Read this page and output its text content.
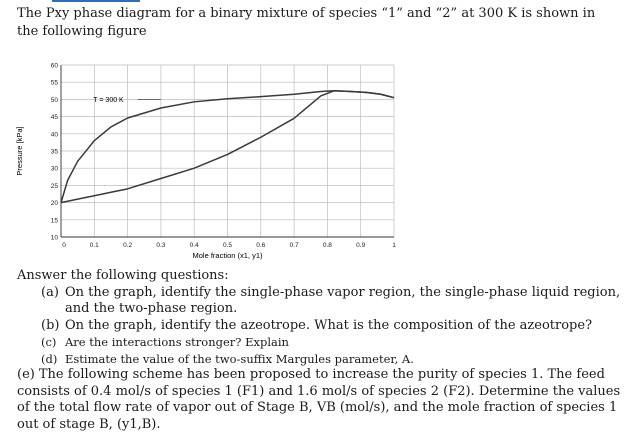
The Pxy phase diagram for a binary mixture of species “1” and “2” at 300 K is shown in the following figure
0	0.1	0.2	0.3	0.4	0.5	0.6	0.7	0.8	0.9	1
10
15
20
25
30
35
40
45
50
55
60
T = 300 K
Mole fraction (x1, y1)
Pressure [kPa]

Answer the following questions:

(a) On the graph, identify the single-phase vapor region, the single-phase liquid region, and the two-phase region.
(b) On the graph, identify the azeotrope. What is the composition of the azeotrope?
(c) Are the interactions stronger? Explain
(d) Estimate the value of the two-suffix Margules parameter, A.

(e) The following scheme has been proposed to increase the purity of species 1. The feed consists of 0.4 mol/s of species 1 (F1) and 1.6 mol/s of species 2 (F2). Determine the values of the total flow rate of vapor out of Stage B, VB (mol/s), and the mole fraction of species 1 out of stage B, (y1,B).
